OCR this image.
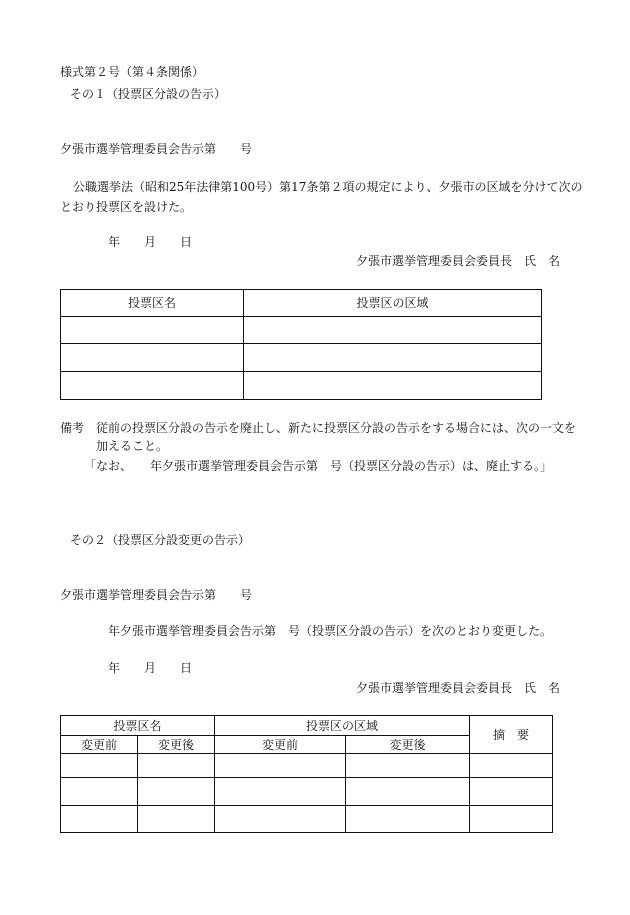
様式第２号（第４条関係）
その１（投票区分設の告示）
夕張市選挙管理委員会告示第　　号
公職選挙法（昭和25年法律第100号）第17条第２項の規定により、夕張市の区域を分けて次の
とおり投票区を設けた。
年　　月　　日
夕張市選挙管理委員会委員長　氏　名
投票区名	投票区の区域

備考 従前の投票区分設の告示を廃止し、新たに投票区分設の告示をする場合には、次の一文を
加えること。
「なお、　　年夕張市選挙管理委員会告示第　号（投票区分設の告示）は、廃止する。」
その２（投票区分設変更の告示）
夕張市選挙管理委員会告示第　　号
年夕張市選挙管理委員会告示第　号（投票区分設の告示）を次のとおり変更した。
年　　月　　日
夕張市選挙管理委員会委員長　氏　名
投票区名		投票区の区域		摘　要
変更前	変更後	変更前	変更後	
